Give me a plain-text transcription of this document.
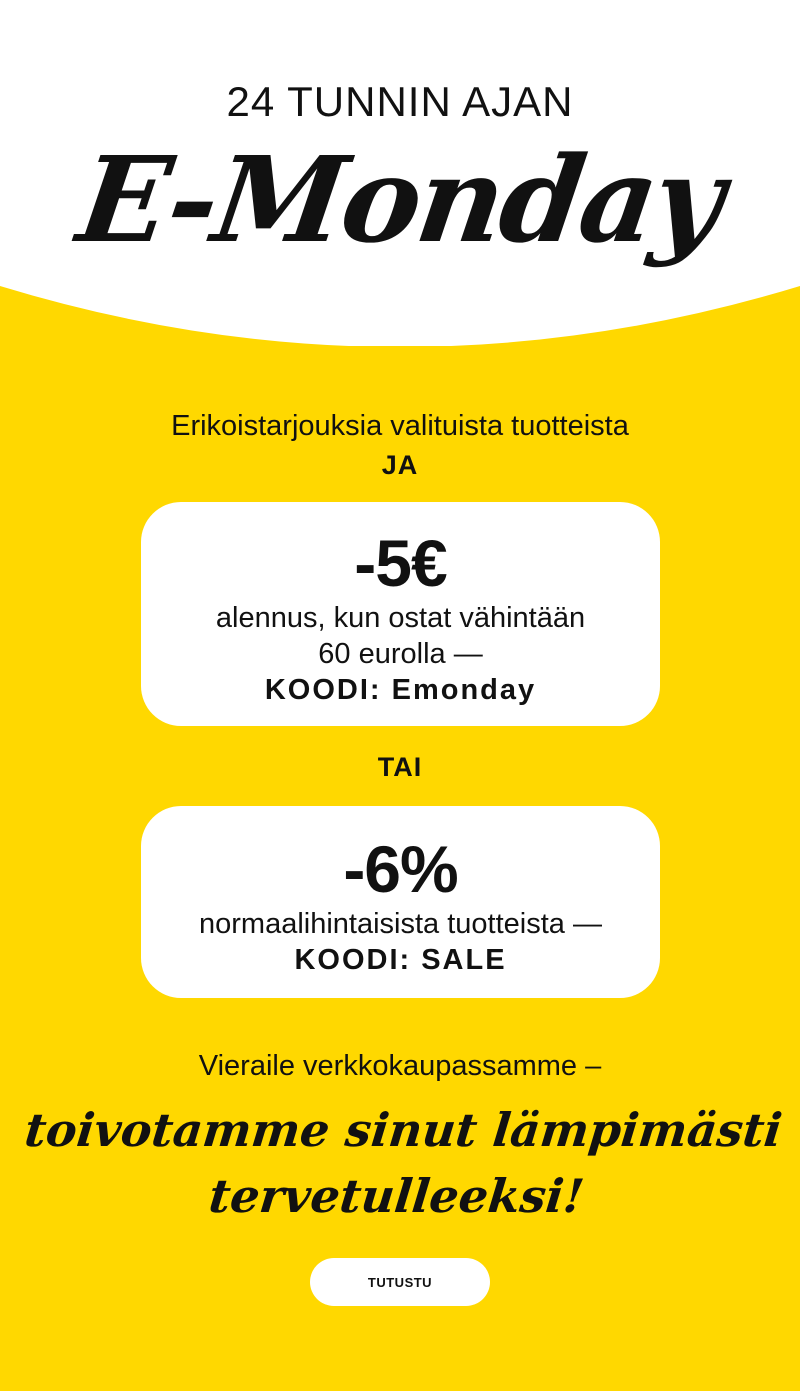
24 TUNNIN AJAN
E-Monday
Erikoistarjouksia valituista tuotteista
JA
-5€
alennus, kun ostat vähintään
60 eurolla —
KOODI: Emonday
TAI
-6%
normaalihintaisista tuotteista —
KOODI: SALE
Vieraile verkkokaupassamme –
toivotamme sinut lämpimästi
tervetulleeksi!
TUTUSTU
